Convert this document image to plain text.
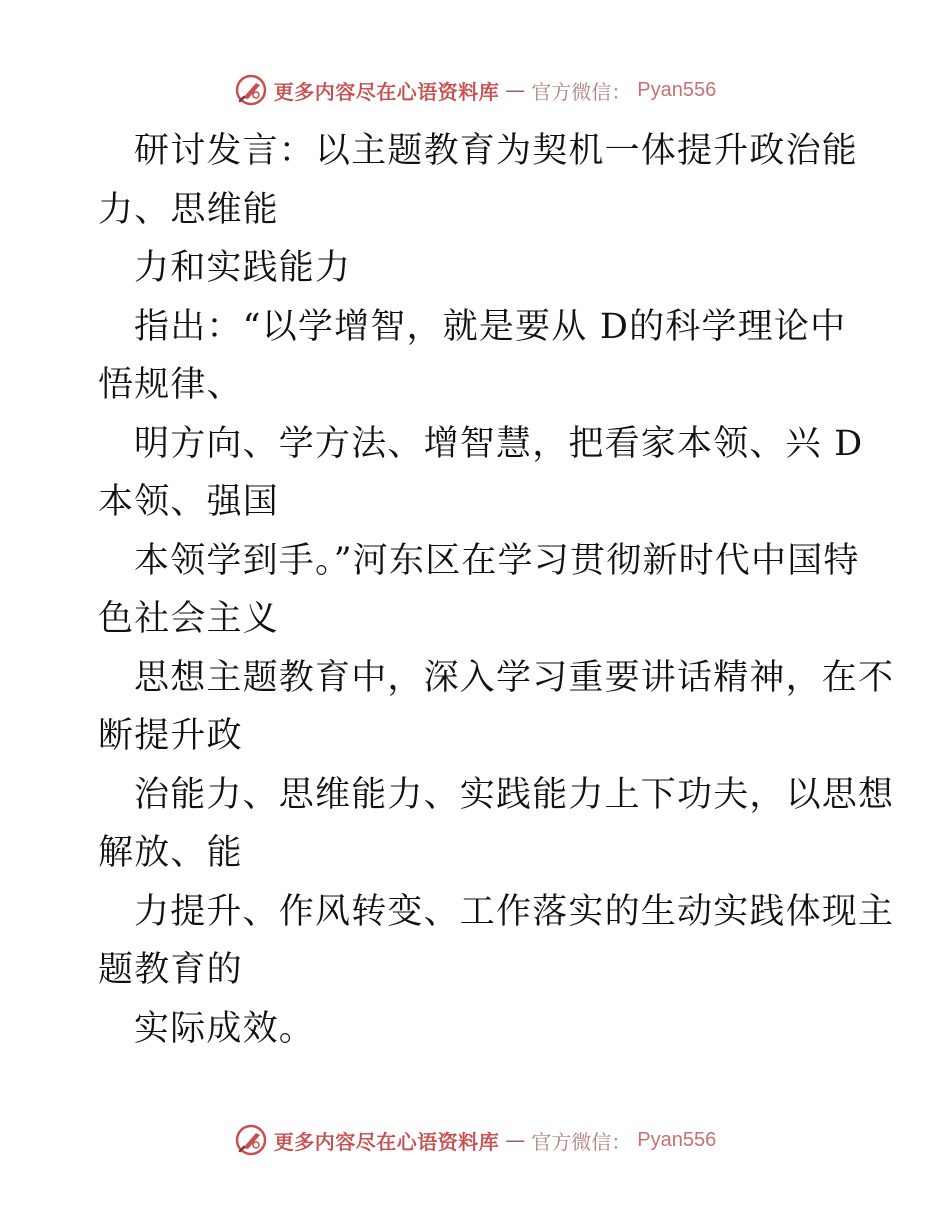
更多内容尽在心语资料库 — 官方微信： Pyan556
研讨发言：以主题教育为契机一体提升政治能
力、思维能
力和实践能力
指出：“以学增智，就是要从 D的科学理论中
悟规律、
明方向、学方法、增智慧，把看家本领、兴 D
本领、强国
本领学到手。”河东区在学习贯彻新时代中国特
色社会主义
思想主题教育中，深入学习重要讲话精神，在不
断提升政
治能力、思维能力、实践能力上下功夫，以思想
解放、能
力提升、作风转变、工作落实的生动实践体现主
题教育的
实际成效。
更多内容尽在心语资料库 — 官方微信： Pyan556
